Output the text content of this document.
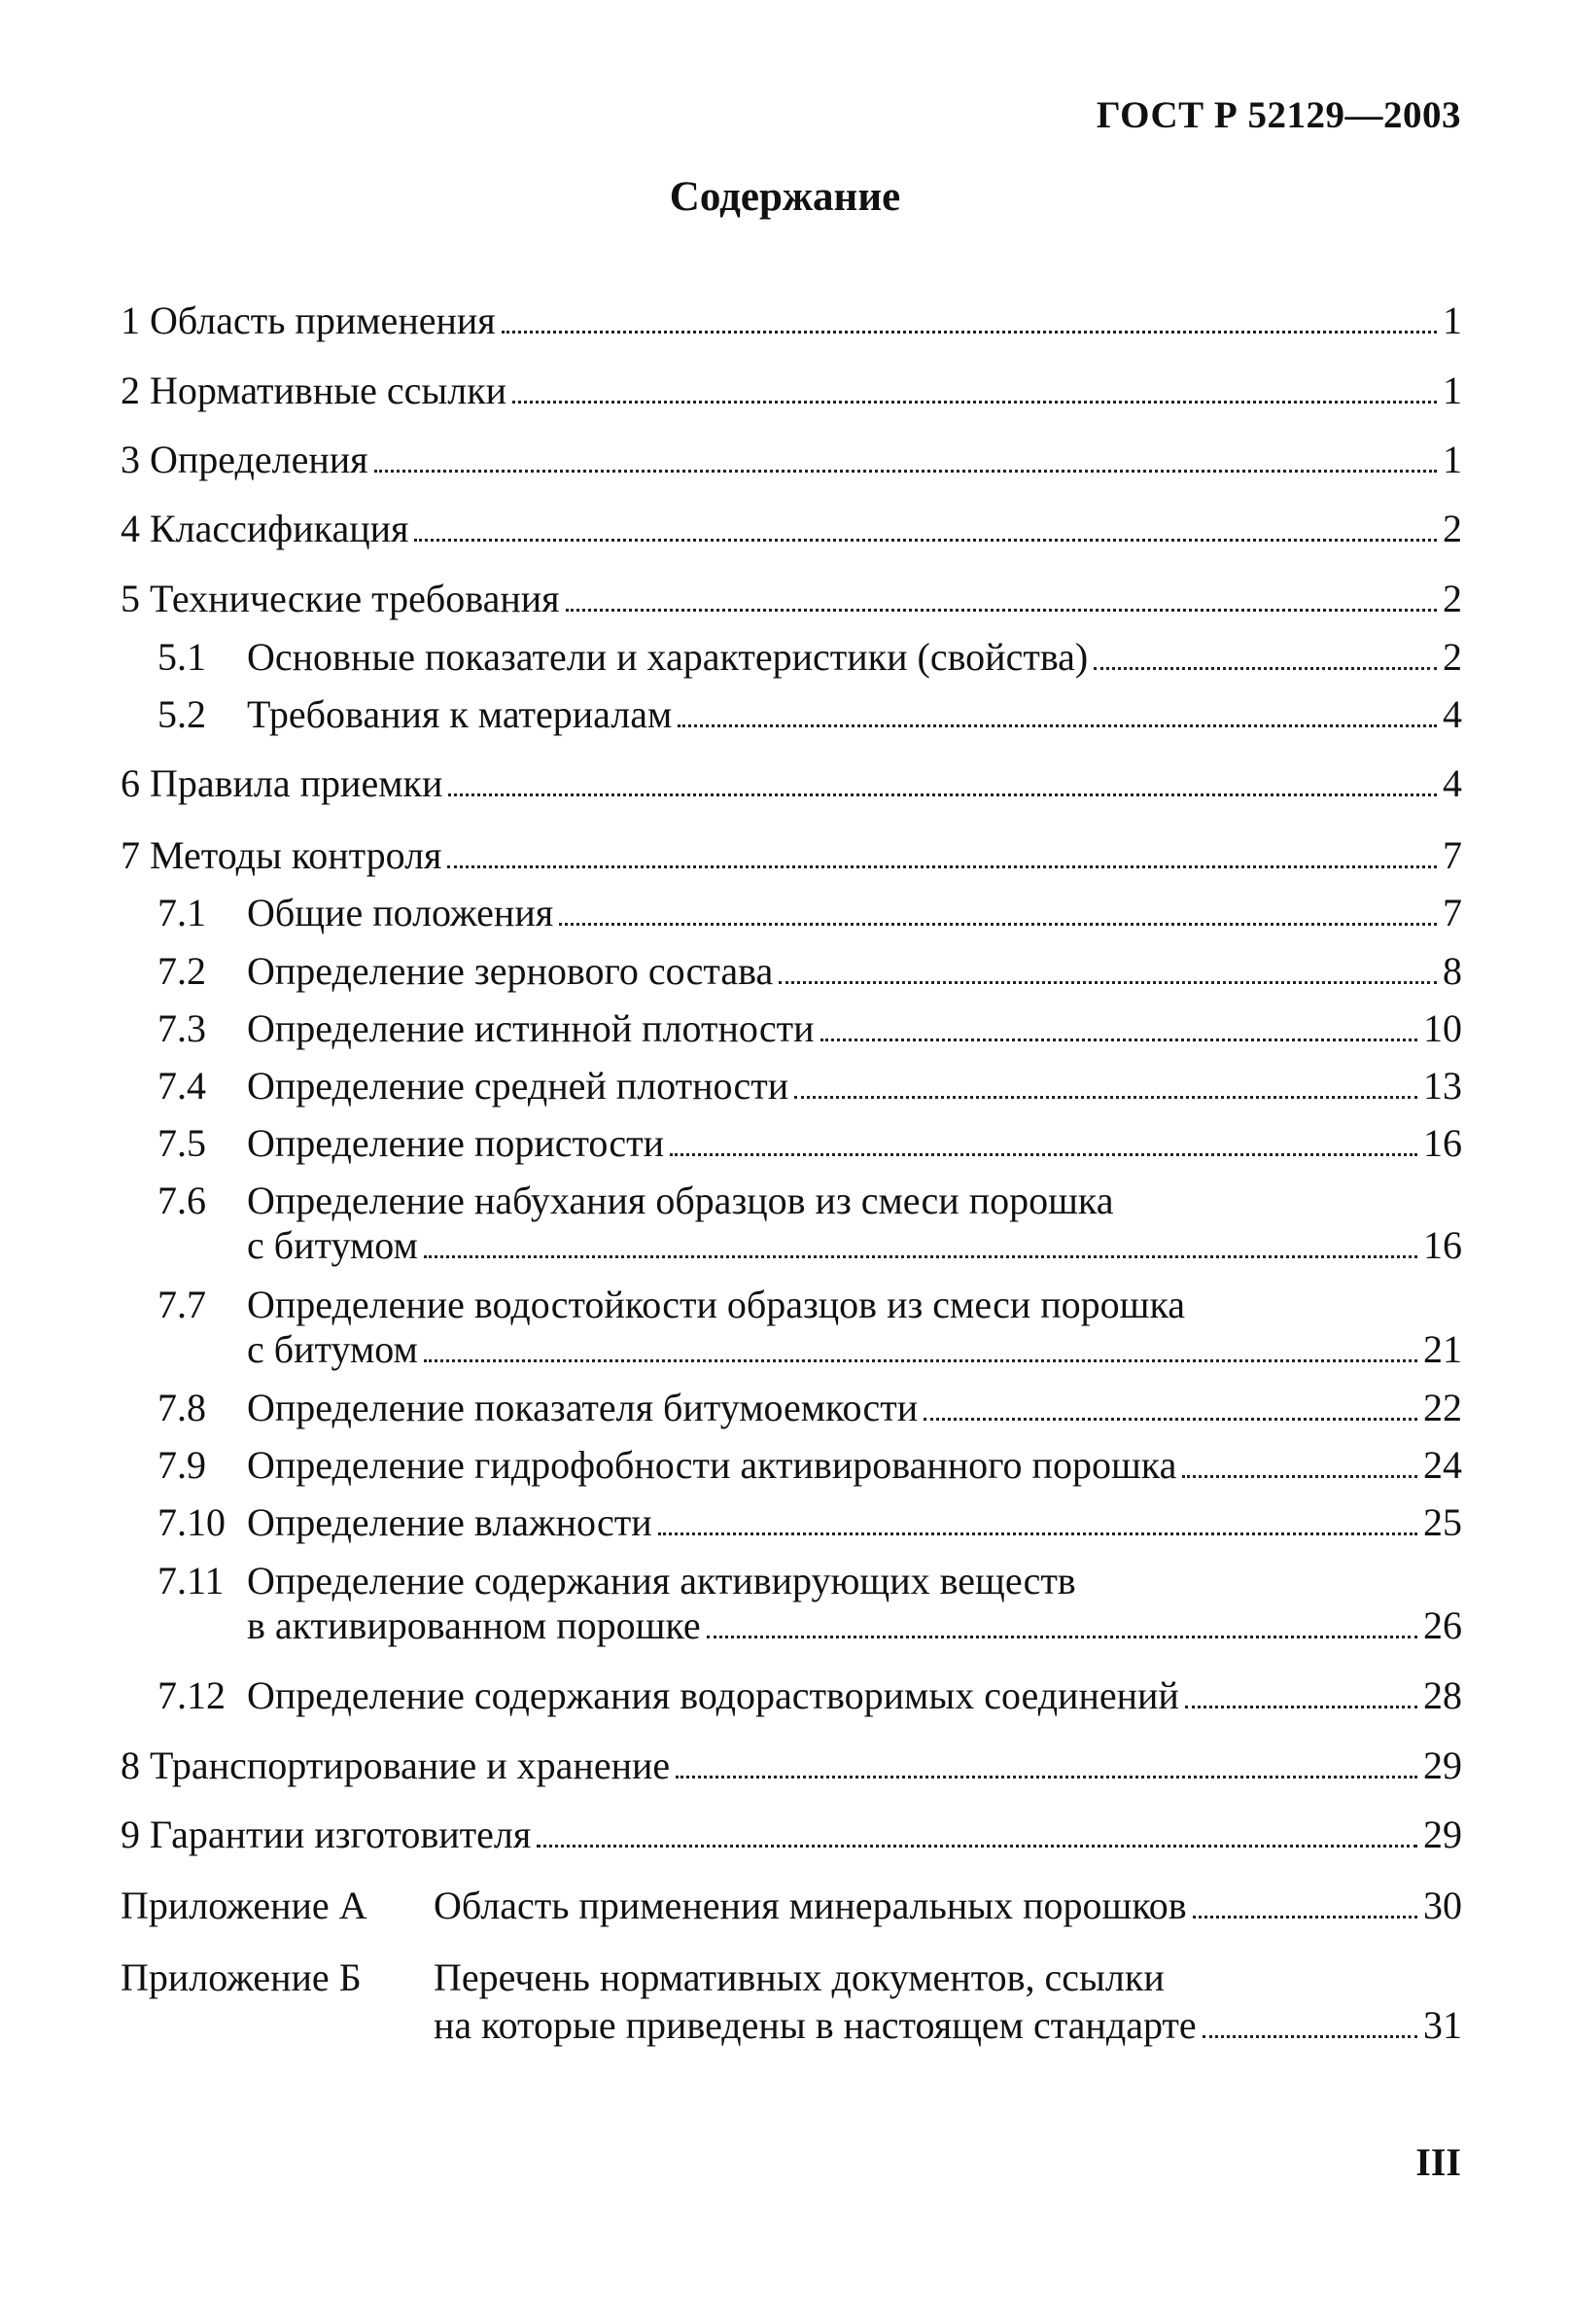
ГОСТ Р 52129—2003
Содержание
1 Область применения	1
2 Нормативные ссылки	1
3 Определения	1
4 Классификация	2
5 Технические требования	2
5.1 Основные показатели и характеристики (свойства)	2
5.2 Требования к материалам	4
6 Правила приемки	4
7 Методы контроля	7
7.1 Общие положения	7
7.2 Определение зернового состава	8
7.3 Определение истинной плотности	10
7.4 Определение средней плотности	13
7.5 Определение пористости	16
7.6 Определение набухания образцов из смеси порошка
с битумом	16
7.7 Определение водостойкости образцов из смеси порошка
с битумом	21
7.8 Определение показателя битумоемкости	22
7.9 Определение гидрофобности активированного порошка	24
7.10 Определение влажности	25
7.11 Определение содержания активирующих веществ
в активированном порошке	26
7.12 Определение содержания водорастворимых соединений	28
8 Транспортирование и хранение	29
9 Гарантии изготовителя	29
Приложение А Область применения минеральных порошков	30
Приложение Б Перечень нормативных документов, ссылки
на которые приведены в настоящем стандарте	31
III
